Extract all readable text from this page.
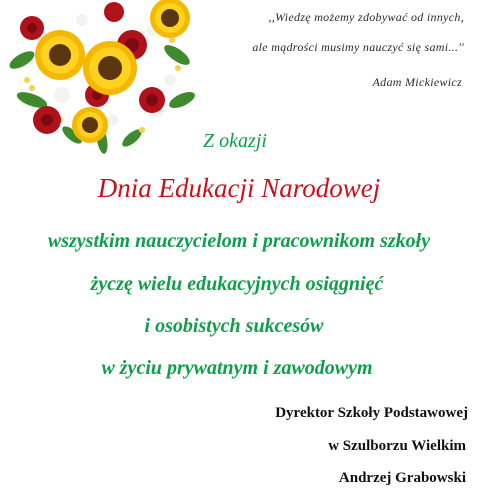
,,Wiedzę możemy zdobywać od innych,
ale mądrości musimy nauczyć się sami...''
Adam Mickiewicz
Z okazji
Dnia Edukacji Narodowej
wszystkim nauczycielom i pracownikom szkoły
życzę wielu edukacyjnych osiągnięć
i osobistych sukcesów
w życiu prywatnym i zawodowym
Dyrektor Szkoły Podstawowej
w Szulborzu Wielkim
Andrzej Grabowski
